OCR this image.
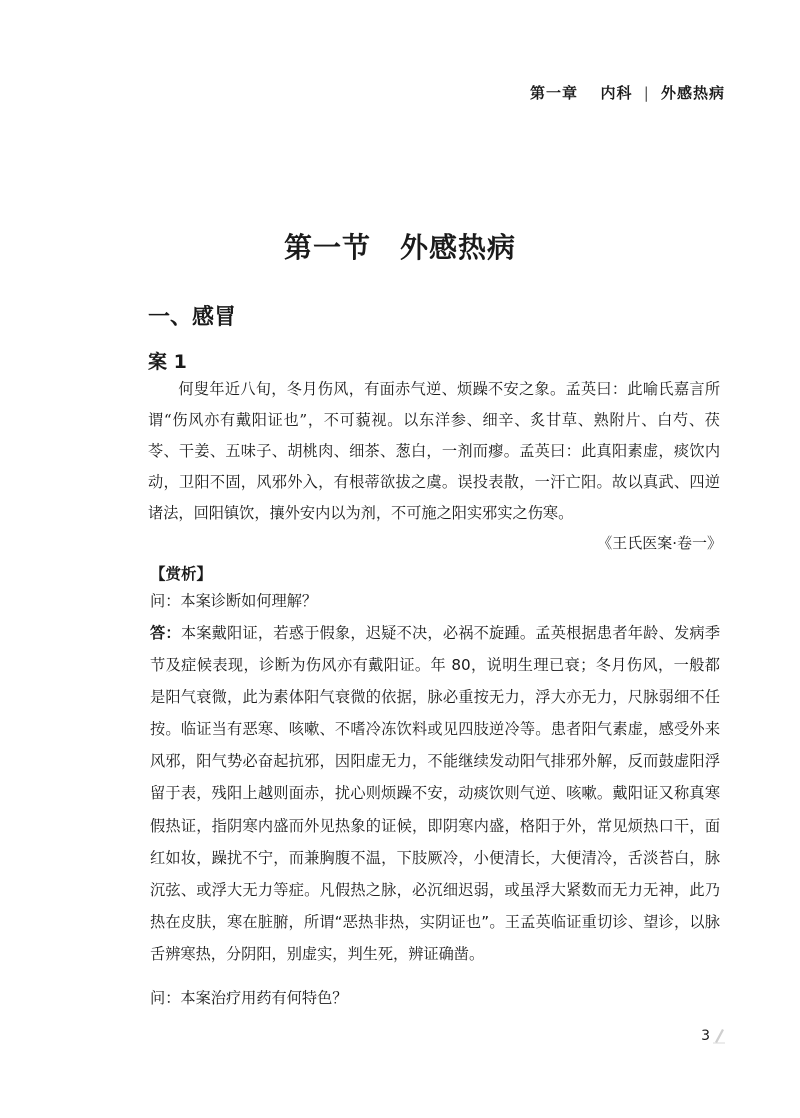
第一章 内科 | 外感热病
第一节　外感热病
一、感冒
案 1

何叟年近八旬，冬月伤风，有面赤气逆、烦躁不安之象。孟英曰：此喻氏嘉言所谓“伤风亦有戴阳证也”，不可藐视。以东洋参、细辛、炙甘草、熟附片、白芍、茯苓、干姜、五味子、胡桃肉、细茶、葱白，一剂而瘳。孟英曰：此真阳素虚，痰饮内动，卫阳不固，风邪外入，有根蒂欲拔之虞。误投表散，一汗亡阳。故以真武、四逆诸法，回阳镇饮，攘外安内以为剂，不可施之阳实邪实之伤寒。

《王氏医案·卷一》

【赏析】

问：本案诊断如何理解？

答：本案戴阳证，若惑于假象，迟疑不决，必祸不旋踵。孟英根据患者年龄、发病季节及症候表现，诊断为伤风亦有戴阳证。年 80，说明生理已衰；冬月伤风，一般都是阳气衰微，此为素体阳气衰微的依据，脉必重按无力，浮大亦无力，尺脉弱细不任按。临证当有恶寒、咳嗽、不嗜冷冻饮料或见四肢逆冷等。患者阳气素虚，感受外来风邪，阳气势必奋起抗邪，因阳虚无力，不能继续发动阳气排邪外解，反而鼓虚阳浮留于表，残阳上越则面赤，扰心则烦躁不安，动痰饮则气逆、咳嗽。戴阳证又称真寒假热证，指阴寒内盛而外见热象的证候，即阴寒内盛，格阳于外，常见烦热口干，面红如妆，躁扰不宁，而兼胸腹不温，下肢厥冷，小便清长，大便清冷，舌淡苔白，脉沉弦、或浮大无力等症。凡假热之脉，必沉细迟弱，或虽浮大紧数而无力无神，此乃热在皮肤，寒在脏腑，所谓“恶热非热，实阴证也”。王孟英临证重切诊、望诊，以脉舌辨寒热，分阴阳，别虚实，判生死，辨证确凿。

问：本案治疗用药有何特色？

3
